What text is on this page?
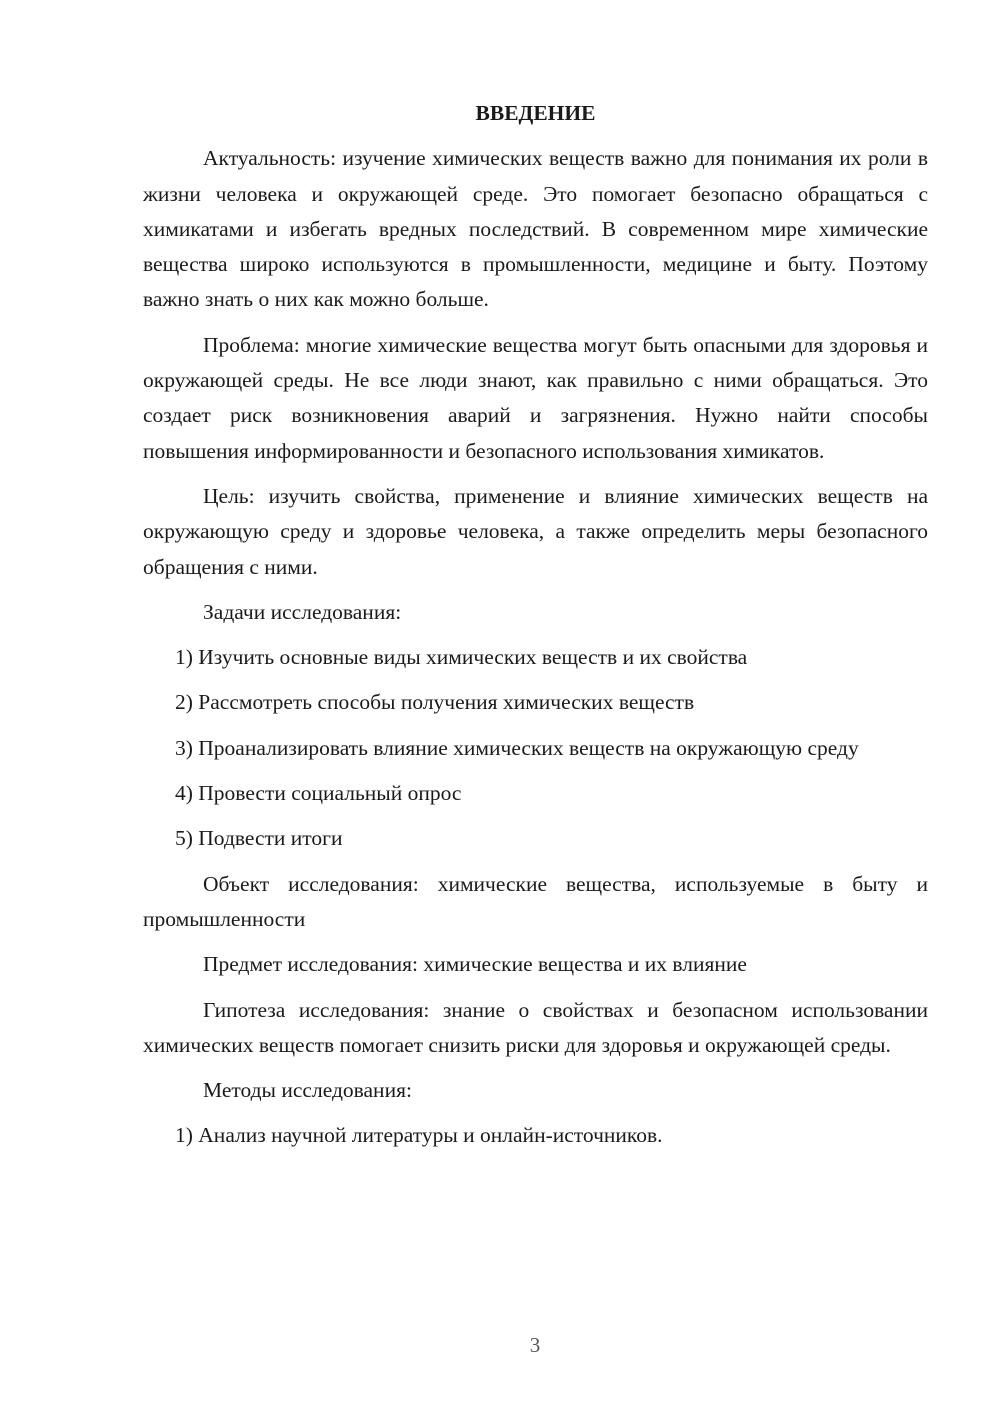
ВВЕДЕНИЕ

Актуальность: изучение химических веществ важно для понимания их роли в жизни человека и окружающей среде. Это помогает безопасно обращаться с химикатами и избегать вредных последствий. В современном мире химические вещества широко используются в промышленности, медицине и быту. Поэтому важно знать о них как можно больше.

Проблема: многие химические вещества могут быть опасными для здоровья и окружающей среды. Не все люди знают, как правильно с ними обращаться. Это создает риск возникновения аварий и загрязнения. Нужно найти способы повышения информированности и безопасного использования химикатов.

Цель: изучить свойства, применение и влияние химических веществ на окружающую среду и здоровье человека, а также определить меры безопасного обращения с ними.

Задачи исследования:

1) Изучить основные виды химических веществ и их свойства

2) Рассмотреть способы получения химических веществ

3) Проанализировать влияние химических веществ на окружающую среду

4) Провести социальный опрос

5) Подвести итоги

Объект исследования: химические вещества, используемые в быту и промышленности

Предмет исследования: химические вещества и их влияние

Гипотеза исследования: знание о свойствах и безопасном использовании химических веществ помогает снизить риски для здоровья и окружающей среды.

Методы исследования:

1) Анализ научной литературы и онлайн-источников.

3
